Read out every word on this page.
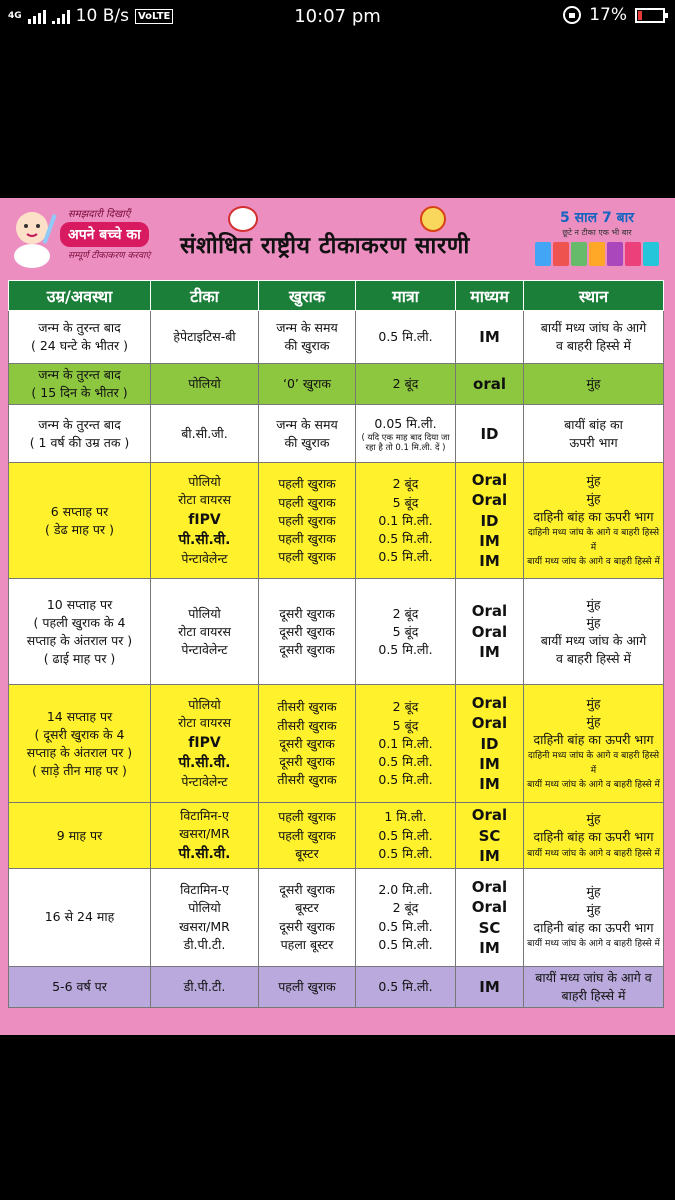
4G	10 B/s VoLTE	10:07 pm	17%
समझदारी दिखाएँ
अपने बच्चे का
सम्पूर्ण टीकाकरण करवाएं संशोधित राष्ट्रीय टीकाकरण सारणी
5 साल 7 बार
छूटे न टीका एक भी बार
उम्र/अवस्था	टीका	खुराक	मात्रा	माध्यम	स्थान

जन्म के तुरन्त बाद
( 24 घन्टे के भीतर )	हेपेटाइटिस-बी	जन्म के समय
की खुराक	0.5 मि.ली.	IM	बायीं मध्य जांघ के आगे
व बाहरी हिस्से में

जन्म के तुरन्त बाद
( 15 दिन के भीतर )	पोलियो	‘0’ खुराक	2 बूंद	oral	मुंह

जन्म के तुरन्त बाद
( 1 वर्ष की उम्र तक )	बी.सी.जी.	जन्म के समय
की खुराक	0.05 मि.ली.
( यदि एक माह बाद दिया जा रहा है तो 0.1 मि.ली. दें )	ID	बायीं बांह का
ऊपरी भाग

6 सप्ताह पर
( डेढ माह पर )	पोलियो
रोटा वायरस
fIPV
पी.सी.वी.
पेन्टावेलेन्ट	पहली खुराक
पहली खुराक
पहली खुराक
पहली खुराक
पहली खुराक	2 बूंद
5 बूंद
0.1 मि.ली.
0.5 मि.ली.
0.5 मि.ली.	Oral
Oral
ID
IM
IM	मुंह
मुंह
दाहिनी बांह का ऊपरी भाग
दाहिनी मध्य जांघ के आगे व बाहरी हिस्से में
बायीं मध्य जांघ के आगे व बाहरी हिस्से में

10 सप्ताह पर
( पहली खुराक के 4
सप्ताह के अंतराल पर )
( ढाई माह पर )	पोलियो
रोटा वायरस
पेन्टावेलेन्ट	दूसरी खुराक
दूसरी खुराक
दूसरी खुराक	2 बूंद
5 बूंद
0.5 मि.ली.	Oral
Oral
IM	मुंह
मुंह
बायीं मध्य जांघ के आगे
व बाहरी हिस्से में

14 सप्ताह पर
( दूसरी खुराक के 4
सप्ताह के अंतराल पर )
( साड़े तीन माह पर )	पोलियो
रोटा वायरस
fIPV
पी.सी.वी.
पेन्टावेलेन्ट	तीसरी खुराक
तीसरी खुराक
दूसरी खुराक
दूसरी खुराक
तीसरी खुराक	2 बूंद
5 बूंद
0.1 मि.ली.
0.5 मि.ली.
0.5 मि.ली.	Oral
Oral
ID
IM
IM	मुंह
मुंह
दाहिनी बांह का ऊपरी भाग
दाहिनी मध्य जांघ के आगे व बाहरी हिस्से में
बायीं मध्य जांघ के आगे व बाहरी हिस्से में

9 माह पर	विटामिन-ए
खसरा/MR
पी.सी.वी.	पहली खुराक
पहली खुराक
बूस्टर	1 मि.ली.
0.5 मि.ली.
0.5 मि.ली.	Oral
SC
IM	मुंह
दाहिनी बांह का ऊपरी भाग
बायीं मध्य जांघ के आगे व बाहरी हिस्से में

16 से 24 माह	विटामिन-ए
पोलियो
खसरा/MR
डी.पी.टी.	दूसरी खुराक
बूस्टर
दूसरी खुराक
पहला बूस्टर	2.0 मि.ली.
2 बूंद
0.5 मि.ली.
0.5 मि.ली.	Oral
Oral
SC
IM	मुंह
मुंह
दाहिनी बांह का ऊपरी भाग
बायीं मध्य जांघ के आगे व बाहरी हिस्से में

5-6 वर्ष पर	डी.पी.टी.	पहली खुराक	0.5 मि.ली.	IM	बायीं मध्य जांघ के आगे व बाहरी हिस्से में
